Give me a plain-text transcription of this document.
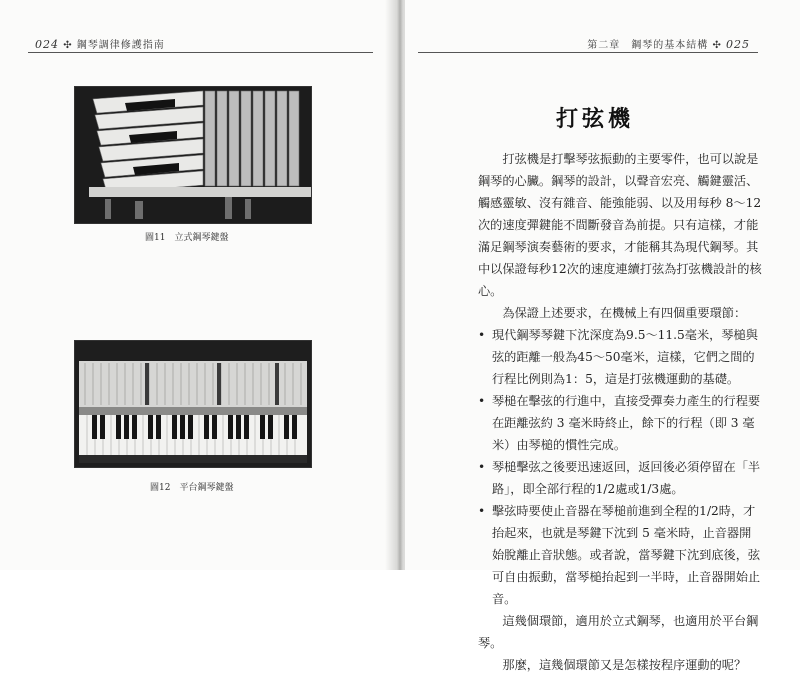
024 ✣ 鋼琴調律修護指南
圖11　立式鋼琴鍵盤
圖12　平台鋼琴鍵盤
第二章　鋼琴的基本結構 ✣ 025
打弦機

打弦機是打擊琴弦振動的主要零件，也可以說是鋼琴的心臟。鋼琴的設計，以聲音宏亮、觸鍵靈活、觸感靈敏、沒有雜音、能強能弱、以及用每秒 8～12次的速度彈鍵能不間斷發音為前提。只有這樣，才能滿足鋼琴演奏藝術的要求，才能稱其為現代鋼琴。其中以保證每秒12次的速度連續打弦為打弦機設計的核心。

為保證上述要求，在機械上有四個重要環節：

• 現代鋼琴琴鍵下沈深度為9.5～11.5毫米，琴槌與弦的距離一般為45～50毫米，這樣，它們之間的行程比例則為1：5，這是打弦機運動的基礎。

• 琴槌在擊弦的行進中，直接受彈奏力產生的行程要在距離弦約 3 毫米時終止，餘下的行程（即 3 毫米）由琴槌的慣性完成。

• 琴槌擊弦之後要迅速返回，返回後必須停留在「半路」，即全部行程的1/2處或1/3處。

• 擊弦時要使止音器在琴槌前進到全程的1/2時，才抬起來，也就是琴鍵下沈到 5 毫米時，止音器開始脫離止音狀態。或者說，當琴鍵下沈到底後，弦可自由振動，當琴槌抬起到一半時，止音器開始止音。

這幾個環節，適用於立式鋼琴，也適用於平台鋼琴。

那麼，這幾個環節又是怎樣按程序運動的呢？
